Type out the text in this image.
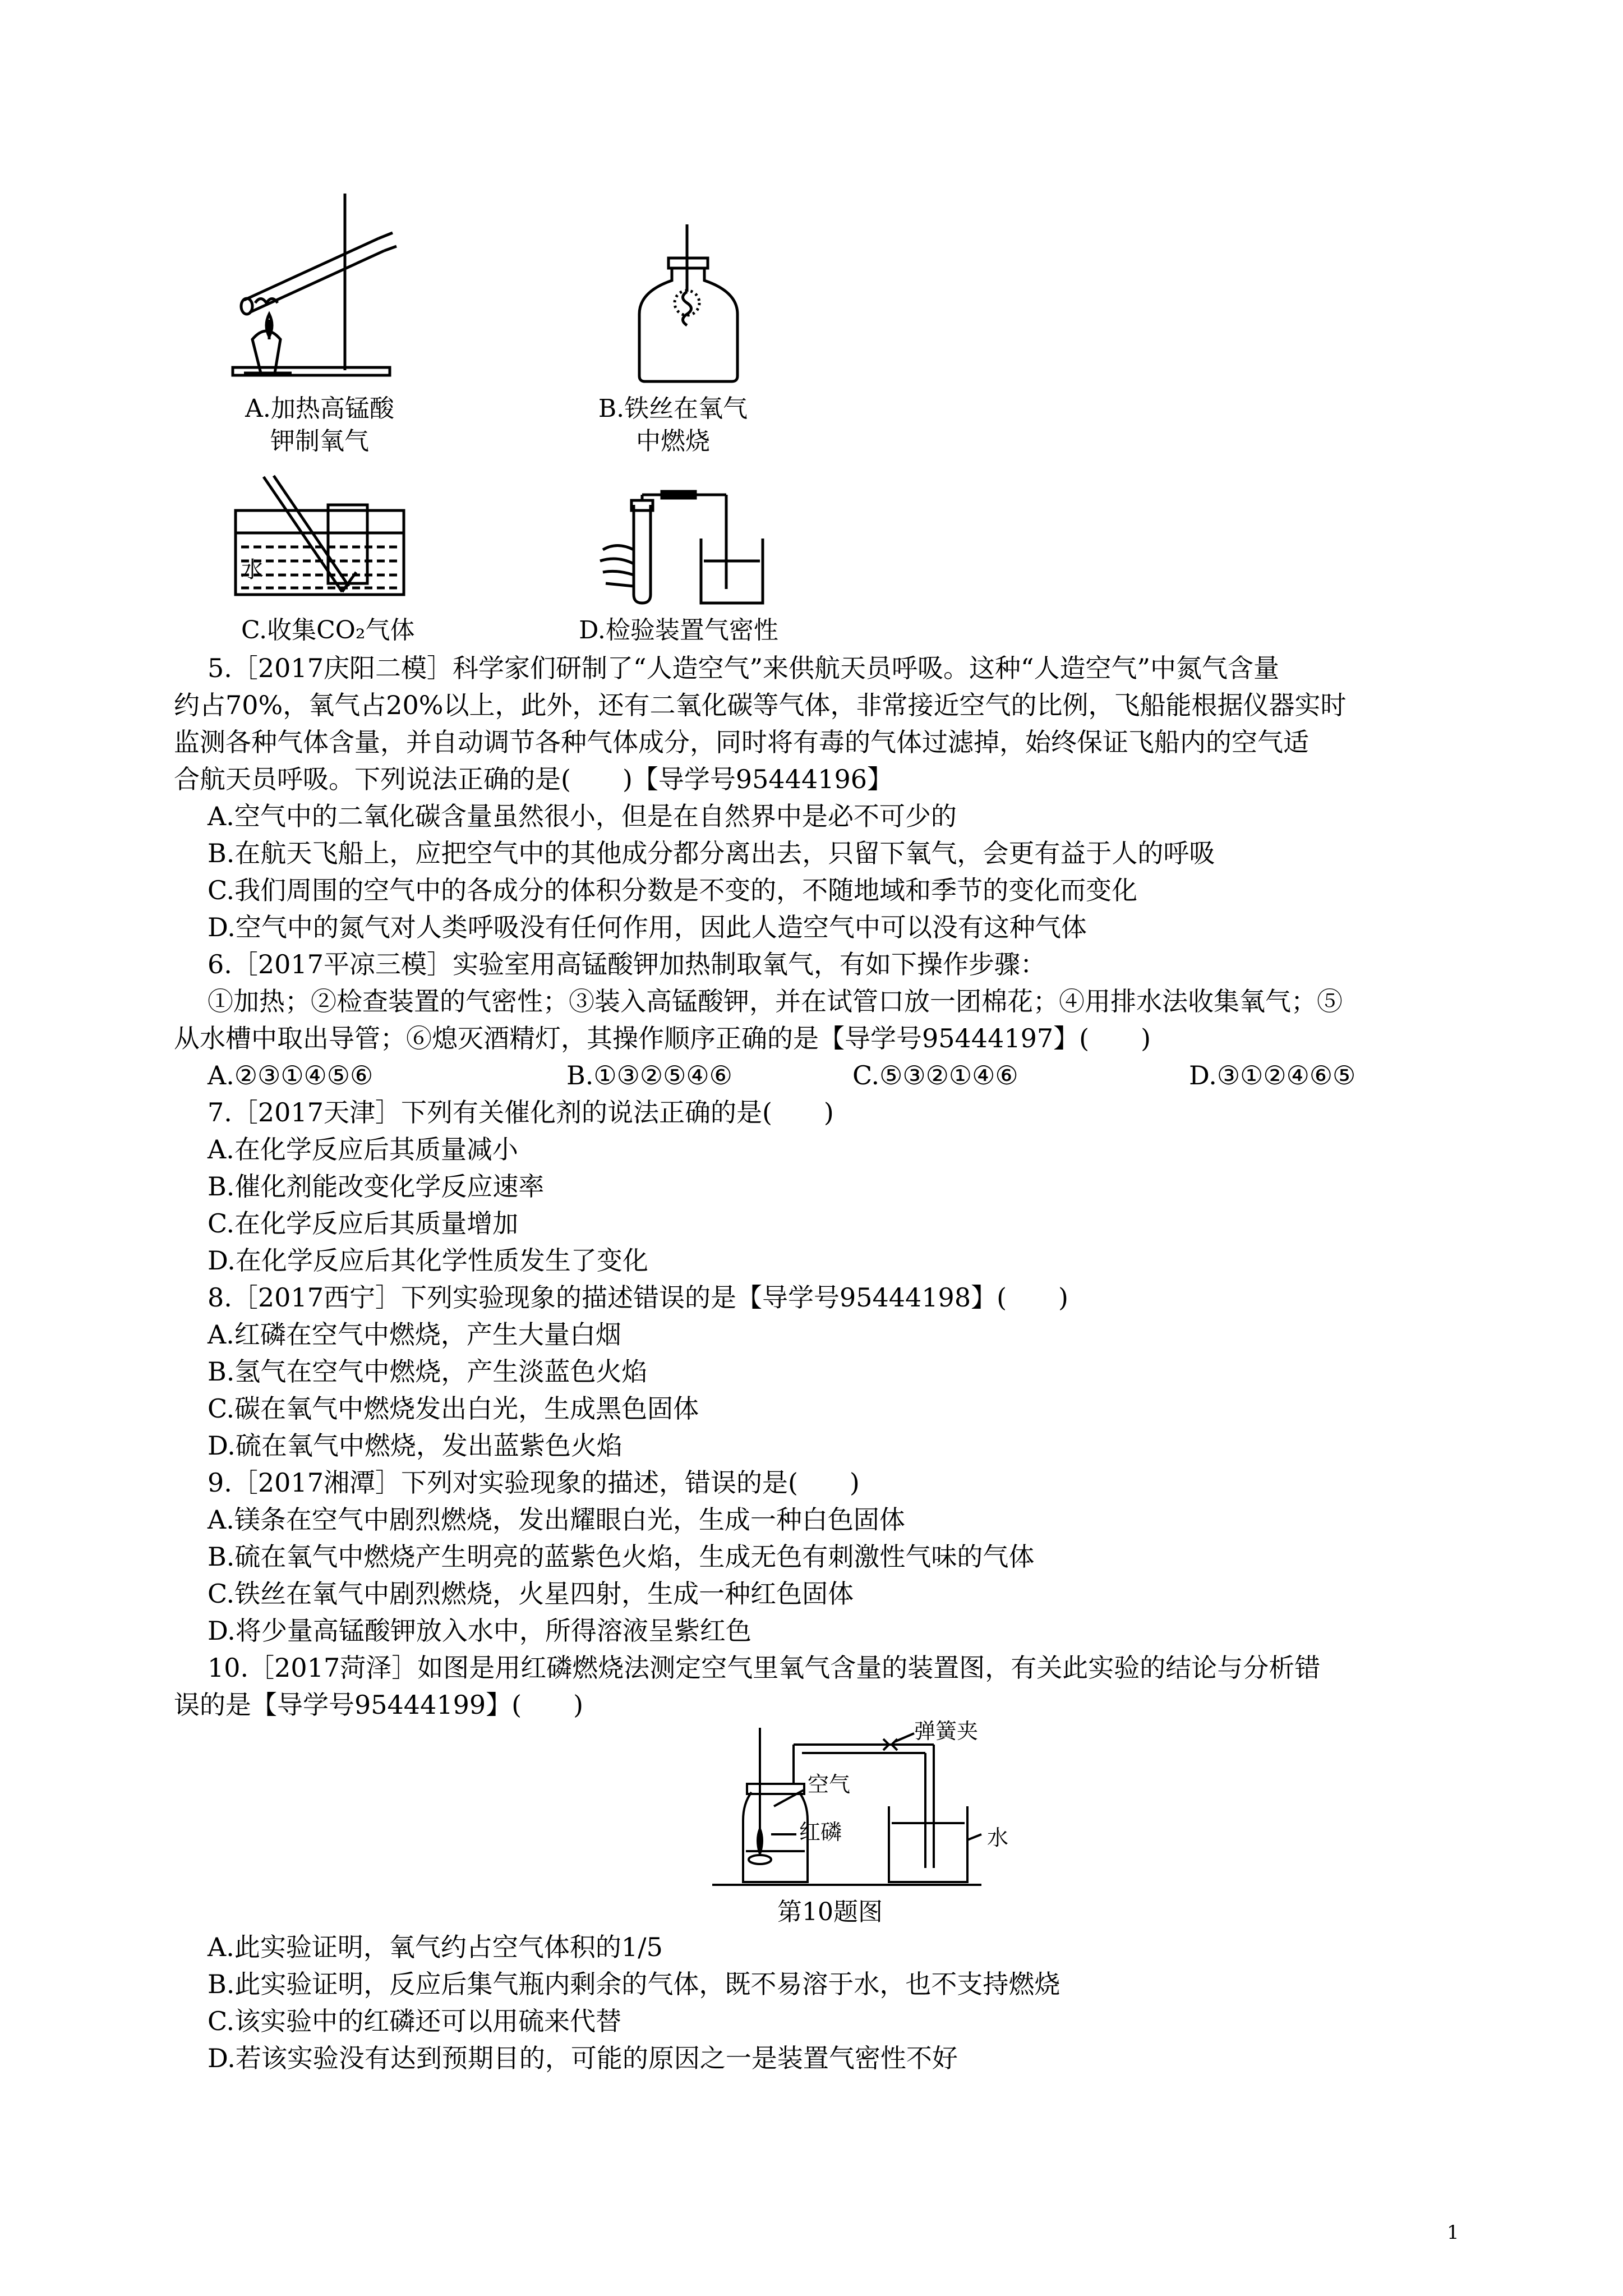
A.加热高锰酸
钾制氧气
B.铁丝在氧气
中燃烧
水
C.收集CO₂气体	D.检验装置气密性
5.［2017庆阳二模］科学家们研制了“人造空气”来供航天员呼吸。这种“人造空气”中氮气含量
约占70%，氧气占20%以上，此外，还有二氧化碳等气体，非常接近空气的比例，飞船能根据仪器实时
监测各种气体含量，并自动调节各种气体成分，同时将有毒的气体过滤掉，始终保证飞船内的空气适
合航天员呼吸。下列说法正确的是(　　)【导学号95444196】
A.空气中的二氧化碳含量虽然很小，但是在自然界中是必不可少的
B.在航天飞船上，应把空气中的其他成分都分离出去，只留下氧气，会更有益于人的呼吸
C.我们周围的空气中的各成分的体积分数是不变的，不随地域和季节的变化而变化
D.空气中的氮气对人类呼吸没有任何作用，因此人造空气中可以没有这种气体
6.［2017平凉三模］实验室用高锰酸钾加热制取氧气，有如下操作步骤：
①加热；②检查装置的气密性；③装入高锰酸钾，并在试管口放一团棉花；④用排水法收集氧气；⑤
从水槽中取出导管；⑥熄灭酒精灯，其操作顺序正确的是【导学号95444197】(　　)
A.②③①④⑤⑥	B.①③②⑤④⑥	C.⑤③②①④⑥	D.③①②④⑥⑤
7.［2017天津］下列有关催化剂的说法正确的是(　　)
A.在化学反应后其质量减小
B.催化剂能改变化学反应速率
C.在化学反应后其质量增加
D.在化学反应后其化学性质发生了变化
8.［2017西宁］下列实验现象的描述错误的是【导学号95444198】(　　)
A.红磷在空气中燃烧，产生大量白烟
B.氢气在空气中燃烧，产生淡蓝色火焰
C.碳在氧气中燃烧发出白光，生成黑色固体
D.硫在氧气中燃烧，发出蓝紫色火焰
9.［2017湘潭］下列对实验现象的描述，错误的是(　　)
A.镁条在空气中剧烈燃烧，发出耀眼白光，生成一种白色固体
B.硫在氧气中燃烧产生明亮的蓝紫色火焰，生成无色有刺激性气味的气体
C.铁丝在氧气中剧烈燃烧，火星四射，生成一种红色固体
D.将少量高锰酸钾放入水中，所得溶液呈紫红色
10.［2017菏泽］如图是用红磷燃烧法测定空气里氧气含量的装置图，有关此实验的结论与分析错
误的是【导学号95444199】(　　)
弹簧夹
空气
红磷	水
第10题图
A.此实验证明，氧气约占空气体积的1/5
B.此实验证明，反应后集气瓶内剩余的气体，既不易溶于水，也不支持燃烧
C.该实验中的红磷还可以用硫来代替
D.若该实验没有达到预期目的，可能的原因之一是装置气密性不好
1
